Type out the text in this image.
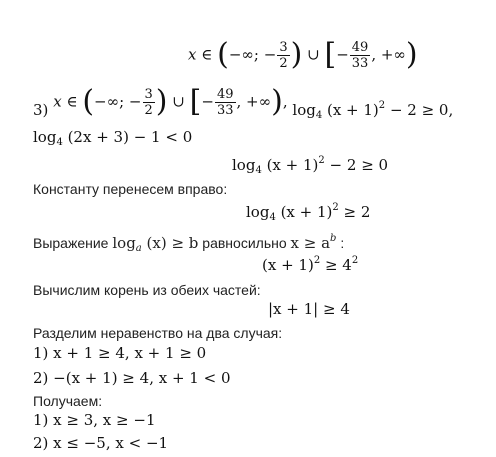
x ∈ (−∞; − $\frac{3}{2}$ ) ∪ [− $\frac{49}{33}$ , +∞)
3) x ∈ (−∞; − $\frac{3}{2}$ ) ∪ [− $\frac{49}{33}$ , +∞), $\log_4 (x + 1)^2 - 2 \ge 0$,
$\log_4 (2x + 3) - 1 < 0$
$\log_4 (x + 1)^2 - 2 \ge 0$
Константу перенесем вправо:
$\log_4 (x + 1)^2 \ge 2$
Выражение $\log_a (x) \ge b$ равносильно $x \ge a^b$ :
$(x + 1)^2 \ge 4^2$
Вычислим корень из обеих частей:
|x + 1| ≥ 4
Разделим неравенство на два случая:
1) x + 1 ≥ 4, x + 1 ≥ 0
2) −(x + 1) ≥ 4, x + 1 < 0
Получаем:
1) x ≥ 3, x ≥ −1
2) x ≤ −5, x < −1
